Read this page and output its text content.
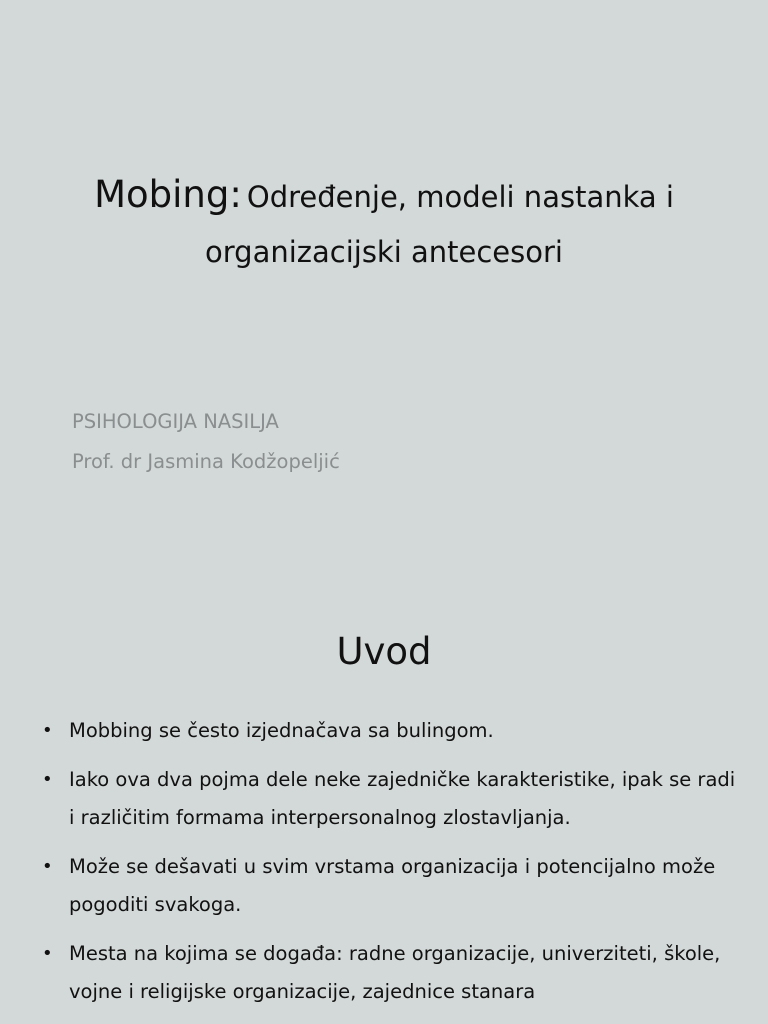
Mobing: Određenje, modeli nastanka i organizacijski antecesori
PSIHOLOGIJA NASILJA
Prof. dr Jasmina Kodžopeljić
Uvod
• Mobbing se često izjednačava sa bulingom.
• Iako ova dva pojma dele neke zajedničke karakteristike, ipak se radi i različitim formama interpersonalnog zlostavljanja.
• Može se dešavati u svim vrstama organizacija i potencijalno može pogoditi svakoga.
• Mesta na kojima se događa: radne organizacije, univerziteti, škole, vojne i religijske organizacije, zajednice stanara
